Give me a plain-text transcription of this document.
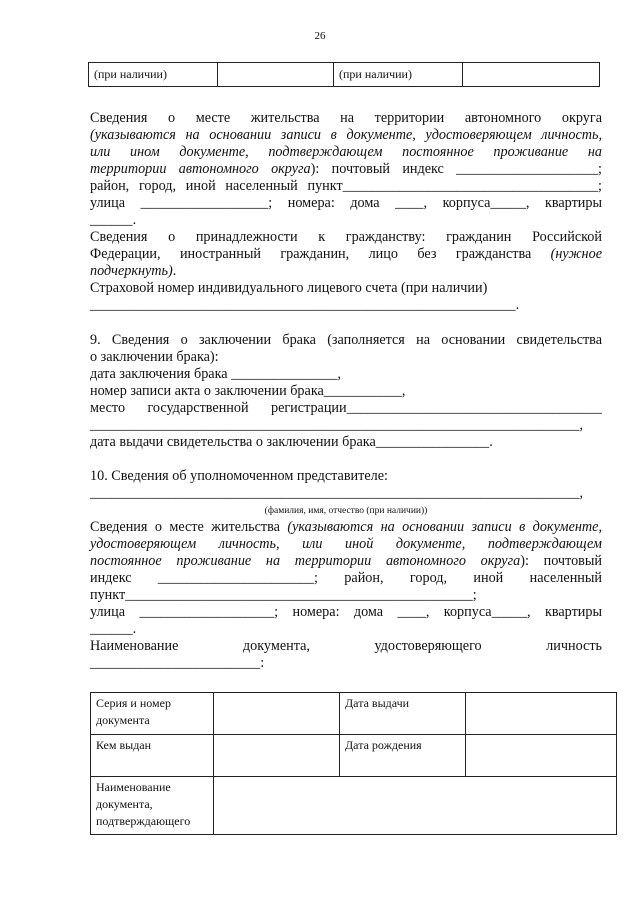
26
(при наличии)		(при наличии)	
Сведения о месте жительства на территории автономного округа
(указываются на основании записи в документе, удостоверяющем личность,
или ином документе, подтверждающем постоянное проживание на
территории автономного округа): почтовый индекс ____________________;
район, город, иной населенный пункт____________________________________;
улица __________________; номера: дома ____, корпуса_____, квартиры
______.
Сведения о принадлежности к гражданству: гражданин Российской
Федерации, иностранный гражданин, лицо без гражданства (нужное
подчеркнуть).
Страховой номер индивидуального лицевого счета (при наличии)
____________________________________________________________.
9. Сведения о заключении брака (заполняется на основании свидетельства
о заключении брака):
дата заключения брака _______________,
номер записи акта о заключении брака___________,
место государственной регистрации____________________________________
_____________________________________________________________________,
дата выдачи свидетельства о заключении брака________________.
10. Сведения об уполномоченном представителе:
_____________________________________________________________________,
(фамилия, имя, отчество (при наличии))
Сведения о месте жительства (указываются на основании записи в документе,
удостоверяющем личность, или иной документе, подтверждающем
постоянное проживание на территории автономного округа): почтовый
индекс ______________________; район, город, иной населенный
пункт_________________________________________________;
улица ___________________; номера: дома ____, корпуса_____, квартиры
______.
Наименование документа, удостоверяющего личность
________________________:
Серия и номер документа		Дата выдачи	
Кем выдан		Дата рождения	
Наименование документа, подтверждающего			
